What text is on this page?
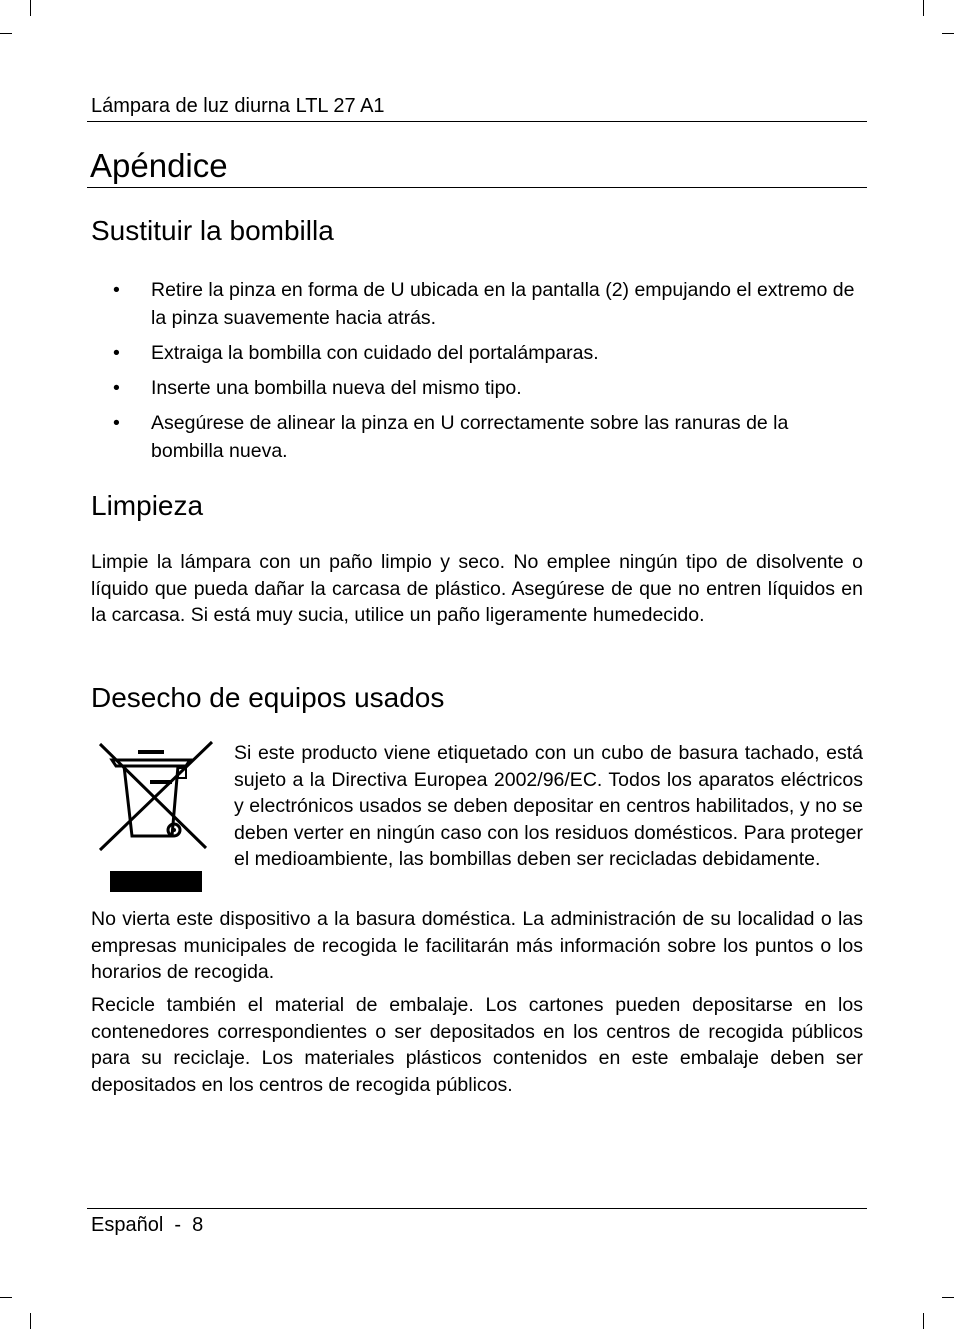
Lámpara de luz diurna LTL 27 A1
Apéndice
Sustituir la bombilla
• Retire la pinza en forma de U ubicada en la pantalla (2) empujando el extremo de la pinza suavemente hacia atrás.
• Extraiga la bombilla con cuidado del portalámparas.
• Inserte una bombilla nueva del mismo tipo.
• Asegúrese de alinear la pinza en U correctamente sobre las ranuras de la bombilla nueva.
Limpieza

Limpie la lámpara con un paño limpio y seco. No emplee ningún tipo de disolvente o líquido que pueda dañar la carcasa de plástico. Asegúrese de que no entren líquidos en la carcasa. Si está muy sucia, utilice un paño ligeramente humedecido.

Desecho de equipos usados

Si este producto viene etiquetado con un cubo de basura tachado, está sujeto a la Directiva Europea 2002/96/EC. Todos los aparatos eléctricos y electrónicos usados se deben depositar en centros habilitados, y no se deben verter en ningún caso con los residuos domésticos. Para proteger el medioambiente, las bombillas deben ser recicladas debidamente.

No vierta este dispositivo a la basura doméstica. La administración de su localidad o las empresas municipales de recogida le facilitarán más información sobre los puntos o los horarios de recogida.

Recicle también el material de embalaje. Los cartones pueden depositarse en los contenedores correspondientes o ser depositados en los centros de recogida públicos para su reciclaje. Los materiales plásticos contenidos en este embalaje deben ser depositados en los centros de recogida públicos.

Español  -  8
